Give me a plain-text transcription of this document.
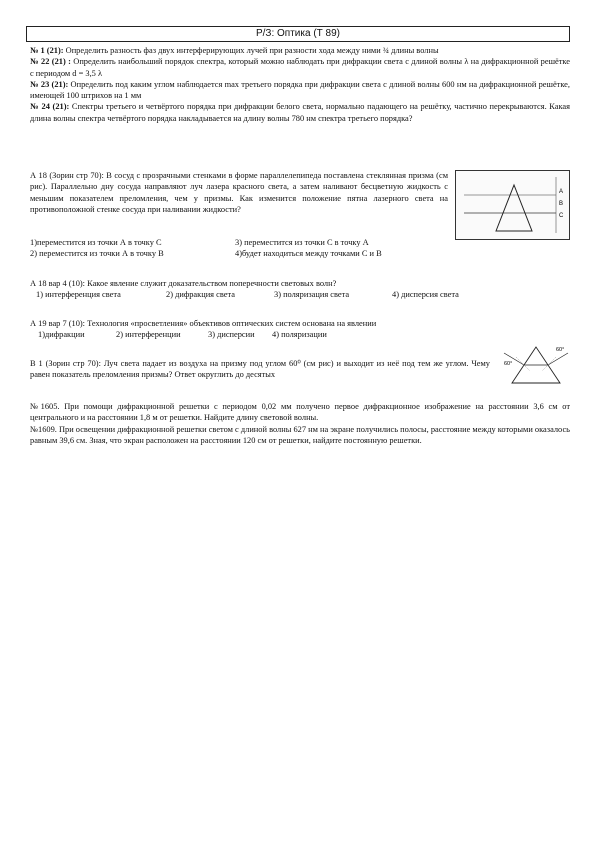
Р/З: Оптика (Т 89)

№ 1 (21): Определить разность фаз двух интерферирующих лучей при разности хода между ними ¾ длины волны

№ 22 (21) : Определить наибольший порядок спектра, который можно наблюдать при дифракции света с длиной волны λ на дифракционной решётке с периодом d = 3,5 λ

№ 23 (21): Определить под каким углом наблюдается max третьего порядка при дифракции света с длиной волны 600 нм на дифракционной решётке, имеющей 100 штрихов на 1 мм

№ 24 (21): Спектры третьего и четвёртого порядка при дифракции белого света, нормально падающего на решётку, частично перекрываются. Какая длина волны спектра четвёртого порядка накладывается на длину волны 780 нм спектра третьего порядка?

А 18 (Зорин стр 70): В сосуд с прозрачными стенками в форме параллелепипеда поставлена стеклянная призма (см рис). Параллельно дну сосуда направляют луч лазера красного света, а затем наливают бесцветную жидкость с меньшим показателем преломления, чем у призмы. Как изменится положение пятна лазерного света на противоположной стенке сосуда при наливании жидкости?

1)переместится из точки А в точку С	3) переместится из точки С в точку А
2) переместится из точки А в точку В	4)будет находиться между точками С и В
А
В
С

А 18 вар 4 (10): Какое явление служит доказательством поперечности световых волн?

1) интерференция света	2) дифракция света	3) поляризация света	4) дисперсия света

А 19 вар 7 (10): Технология «просветления» объективов оптических систем основана на явлении

1)дифракции	2) интерференции	3) дисперсии 4) поляризации

В 1 (Зорин стр 70): Луч света падает из воздуха на призму под углом 60⁰ (см рис) и выходит из неё под тем же углом. Чему равен показатель преломления призмы? Ответ округлить до десятых

60°
60°

№1605. При помощи дифракционной решетки с периодом 0,02 мм получено первое дифракционное изображение на расстоянии 3,6 см от центрального и на расстоянии 1,8 м от решетки. Найдите длину световой волны.

№1609. При освещении дифракционной решетки светом с длиной волны 627 нм на экране получились полосы, расстояние между которыми оказалось равным 39,6 см. Зная, что экран расположен на расстоянии 120 см от решетки, найдите постоянную решетки.
